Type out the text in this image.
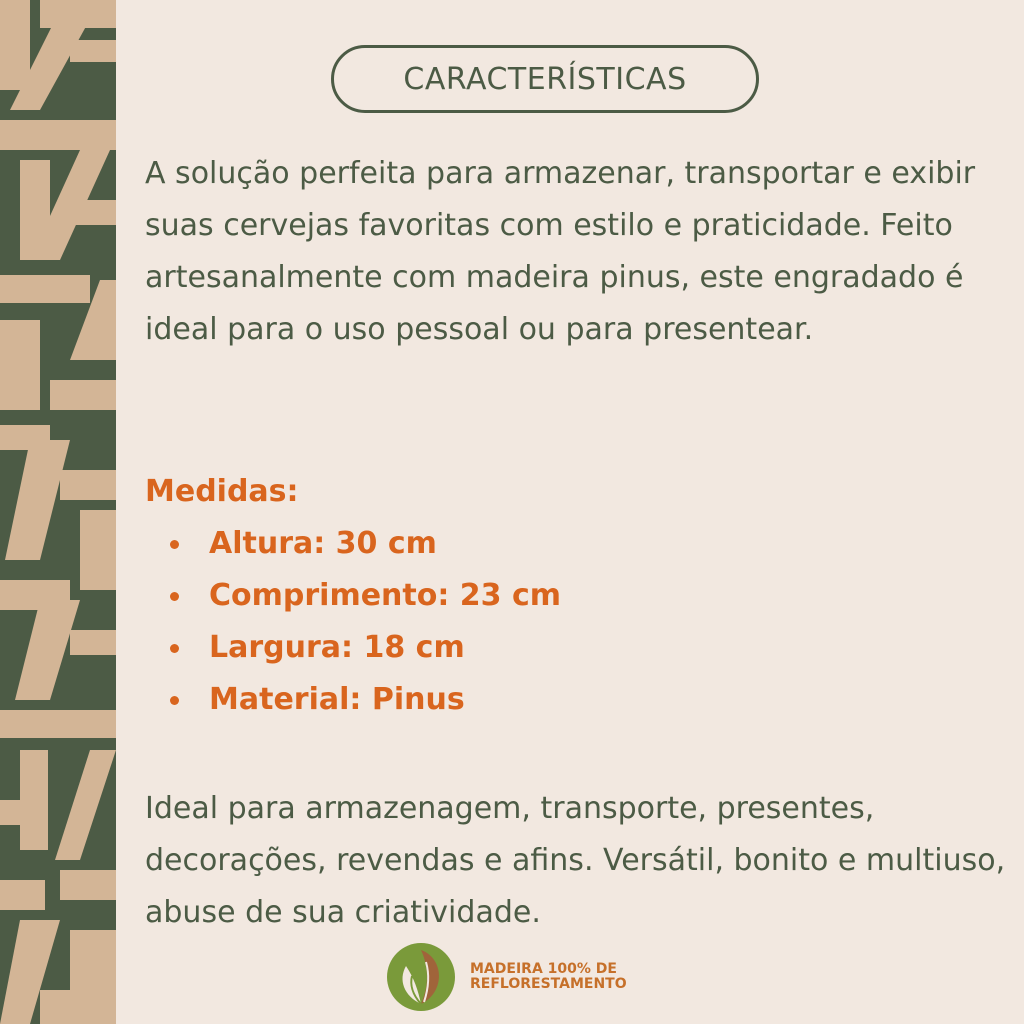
CARACTERÍSTICAS

A solução perfeita para armazenar, transportar e exibir suas cervejas favoritas com estilo e praticidade. Feito artesanalmente com madeira pinus, este engradado é ideal para o uso pessoal ou para presentear.

Medidas:

Altura: 30 cm
Comprimento: 23 cm
Largura: 18 cm
Material: Pinus

Ideal para armazenagem, transporte, presentes, decorações, revendas e afins. Versátil, bonito e multiuso, abuse de sua criatividade.

MADEIRA 100% DE
REFLORESTAMENTO
